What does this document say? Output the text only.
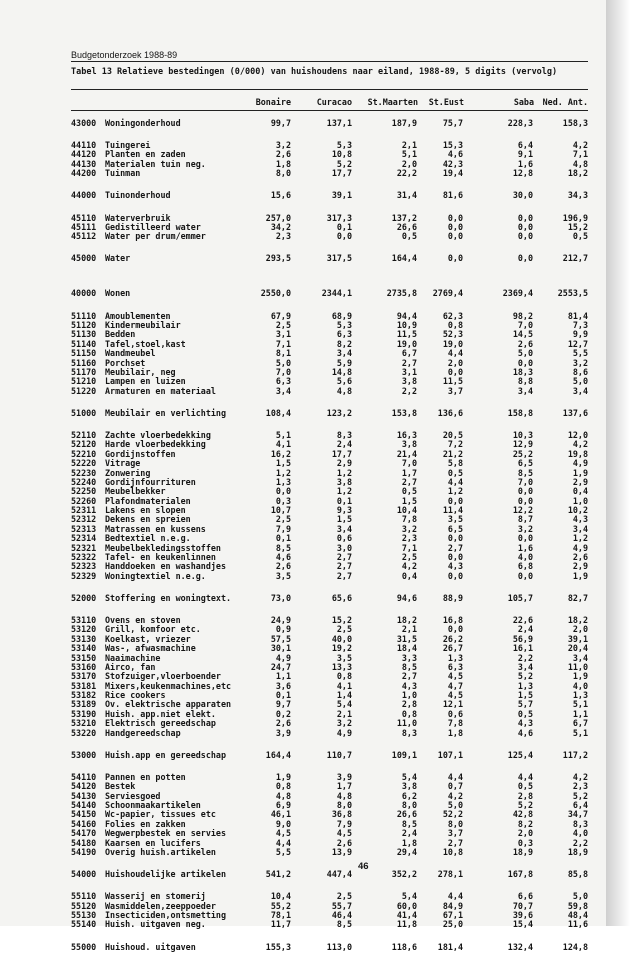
Budgetonderzoek 1988-89
Tabel 13 Relatieve bestedingen (0/000) van huishoudens naar eiland, 1988-89, 5 digits (vervolg)
Bonaire	Curacao	St.Maarten	St.Eust	Saba	Ned. Ant.
43000	Woningonderhoud	99,7	137,1	187,9	75,7	228,3	158,3

44110	Tuingerei	3,2	5,3	2,1	15,3	6,4	4,2
44120	Planten en zaden	2,6	10,8	5,1	4,6	9,1	7,1
44130	Materialen tuin neg.	1,8	5,2	2,0	42,3	1,6	4,8
44200	Tuinman	8,0	17,7	22,2	19,4	12,8	18,2

44000	Tuinonderhoud	15,6	39,1	31,4	81,6	30,0	34,3

45110	Waterverbruik	257,0	317,3	137,2	0,0	0,0	196,9
45111	Gedistilleerd water	34,2	0,1	26,6	0,0	0,0	15,2
45112	Water per drum/emmer	2,3	0,0	0,5	0,0	0,0	0,5

45000	Water	293,5	317,5	164,4	0,0	0,0	212,7

40000	Wonen	2550,0	2344,1	2735,8	2769,4	2369,4	2553,5

51110	Amoublementen	67,9	68,9	94,4	62,3	98,2	81,4
51120	Kindermeubilair	2,5	5,3	10,9	0,8	7,0	7,3
51130	Bedden	3,1	6,3	11,5	52,3	14,5	9,9
51140	Tafel,stoel,kast	7,1	8,2	19,0	19,0	2,6	12,7
51150	Wandmeubel	8,1	3,4	6,7	4,4	5,0	5,5
51160	Porchset	5,0	5,9	2,7	2,0	0,0	3,2
51170	Meubilair, neg	7,0	14,8	3,1	0,0	18,3	8,6
51210	Lampen en luizen	6,3	5,6	3,8	11,5	8,8	5,0
51220	Armaturen en materiaal	3,4	4,8	2,2	3,7	3,4	3,4

51000	Meubilair en verlichting	108,4	123,2	153,8	136,6	158,8	137,6

52110	Zachte vloerbedekking	5,1	8,3	16,3	20,5	10,3	12,0
52120	Harde vloerbedekking	4,1	2,4	3,8	7,2	12,9	4,2
52210	Gordijnstoffen	16,2	17,7	21,4	21,2	25,2	19,8
52220	Vitrage	1,5	2,9	7,0	5,8	6,5	4,9
52230	Zonwering	1,2	1,2	1,7	0,5	8,5	1,9
52240	Gordijnfourrituren	1,3	3,8	2,7	4,4	7,0	2,9
52250	Meubelbekker	0,0	1,2	0,5	1,2	0,0	0,4
52260	Plafondmaterialen	0,3	0,1	1,5	0,0	0,0	1,0
52311	Lakens en slopen	10,7	9,3	10,4	11,4	12,2	10,2
52312	Dekens en spreien	2,5	1,5	7,8	3,5	8,7	4,3
52313	Matrassen en kussens	7,9	3,4	3,2	6,5	3,2	3,4
52314	Bedtextiel n.e.g.	0,1	0,6	2,3	0,0	0,0	1,2
52321	Meubelbekledingsstoffen	8,5	3,0	7,1	2,7	1,6	4,9
52322	Tafel- en keukenlinnen	4,6	2,7	2,5	0,0	4,0	2,6
52323	Handdoeken en washandjes	2,6	2,7	4,2	4,3	6,8	2,9
52329	Woningtextiel n.e.g.	3,5	2,7	0,4	0,0	0,0	1,9

52000	Stoffering en woningtext.	73,0	65,6	94,6	88,9	105,7	82,7

53110	Ovens en stoven	24,9	15,2	18,2	16,8	22,6	18,2
53120	Grill, komfoor etc.	0,9	2,5	2,1	0,0	2,4	2,0
53130	Koelkast, vriezer	57,5	40,0	31,5	26,2	56,9	39,1
53140	Was-, afwasmachine	30,1	19,2	18,4	26,7	16,1	20,4
53150	Naaimachine	4,9	3,5	3,3	1,3	2,2	3,4
53160	Airco, fan	24,7	13,3	8,5	6,3	3,4	11,0
53170	Stofzuiger,vloerboender	1,1	0,8	2,7	4,5	5,2	1,9
53181	Mixers,keukenmachines,etc	3,6	4,1	4,3	4,7	1,3	4,0
53182	Rice cookers	0,1	1,4	1,0	4,5	1,5	1,3
53189	Ov. elektrische apparaten	9,7	5,4	2,8	12,1	5,7	5,1
53190	Huish. app.niet elekt.	0,2	2,1	0,8	0,6	0,5	1,1
53210	Elektrisch gereedschap	2,6	3,2	11,0	7,8	4,3	6,7
53220	Handgereedschap	3,9	4,9	8,3	1,8	4,6	5,1

53000	Huish.app en gereedschap	164,4	110,7	109,1	107,1	125,4	117,2

54110	Pannen en potten	1,9	3,9	5,4	4,4	4,4	4,2
54120	Bestek	0,8	1,7	3,8	0,7	0,5	2,3
54130	Serviesgoed	4,8	4,8	6,2	4,2	2,8	5,2
54140	Schoonmaakartikelen	6,9	8,0	8,0	5,0	5,2	6,4
54150	Wc-papier, tissues etc	46,1	36,8	26,6	52,2	42,8	34,7
54160	Folies en zakken	9,0	7,9	8,5	8,0	8,2	8,3
54170	Wegwerpbestek en servies	4,5	4,5	2,4	3,7	2,0	4,0
54180	Kaarsen en lucifers	4,4	2,6	1,8	2,7	0,3	2,2
54190	Overig huish.artikelen	5,5	13,9	29,4	10,8	18,9	18,9

54000	Huishoudelijke artikelen	541,2	447,4	352,2	278,1	167,8	85,8

55110	Wasserij en stomerij	10,4	2,5	5,4	4,4	6,6	5,0
55120	Wasmiddelen,zeeppoeder	55,2	55,7	60,0	84,9	70,7	59,8
55130	Insecticiden,ontsmetting	78,1	46,4	41,4	67,1	39,6	48,4
55140	Huish. uitgaven neg.	11,7	8,5	11,8	25,0	15,4	11,6

55000	Huishoud. uitgaven	155,3	113,0	118,6	181,4	132,4	124,8

46
